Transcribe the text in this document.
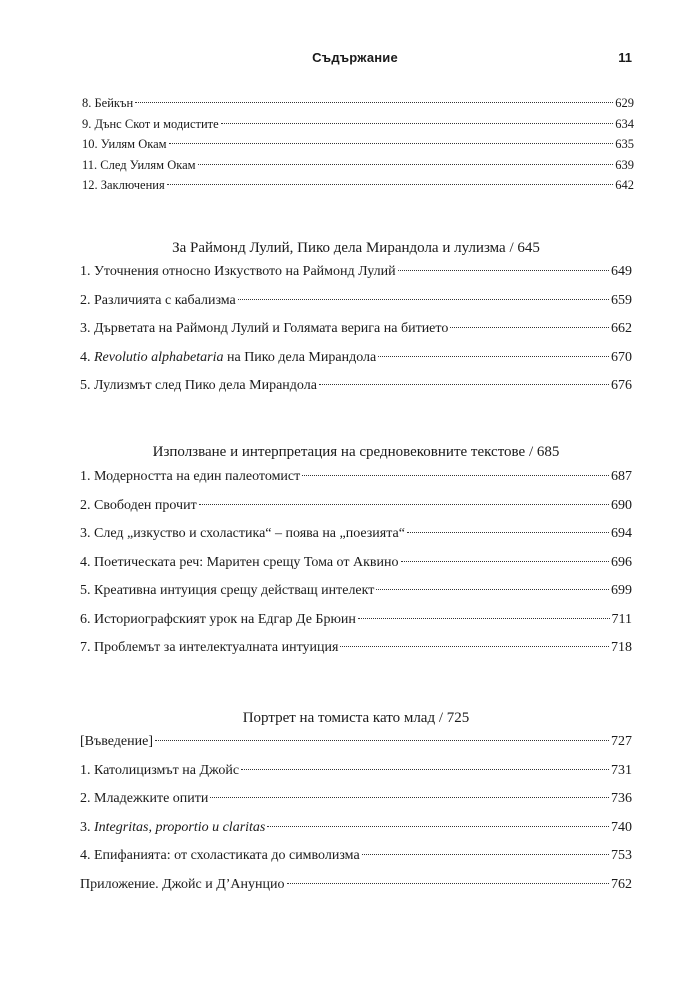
Съдържание	11
8. Бейкън	629
9. Дънс Скот и модистите	634
10. Уилям Окам	635
11. След Уилям Окам	639
12. Заключения	642
За Раймонд Лулий, Пико дела Мирандола и лулизма / 645
1. Уточнения относно Изкуството на Раймонд Лулий	649
2. Различията с кабализма	659
3. Дърветата на Раймонд Лулий и Голямата верига на битието	662
4. Revolutio alphabetaria на Пико дела Мирандола	670
5. Лулизмът след Пико дела Мирандола	676
Използване и интерпретация на средновековните текстове / 685
1. Модерността на един палеотомист	687
2. Свободен прочит	690
3. След „изкуство и схоластика“ – поява на „поезията“	694
4. Поетическата реч: Маритен срещу Тома от Аквино	696
5. Креативна интуиция срещу действащ интелект	699
6. Историографският урок на Едгар Де Брюин	711
7. Проблемът за интелектуалната интуиция	718
Портрет на томиста като млад / 725
[Въведение]	727
1. Католицизмът на Джойс	731
2. Младежките опити	736
3. Integritas, proportio и claritas	740
4. Епифанията: от схоластиката до символизма	753
Приложение. Джойс и Д’Анунцио	762
